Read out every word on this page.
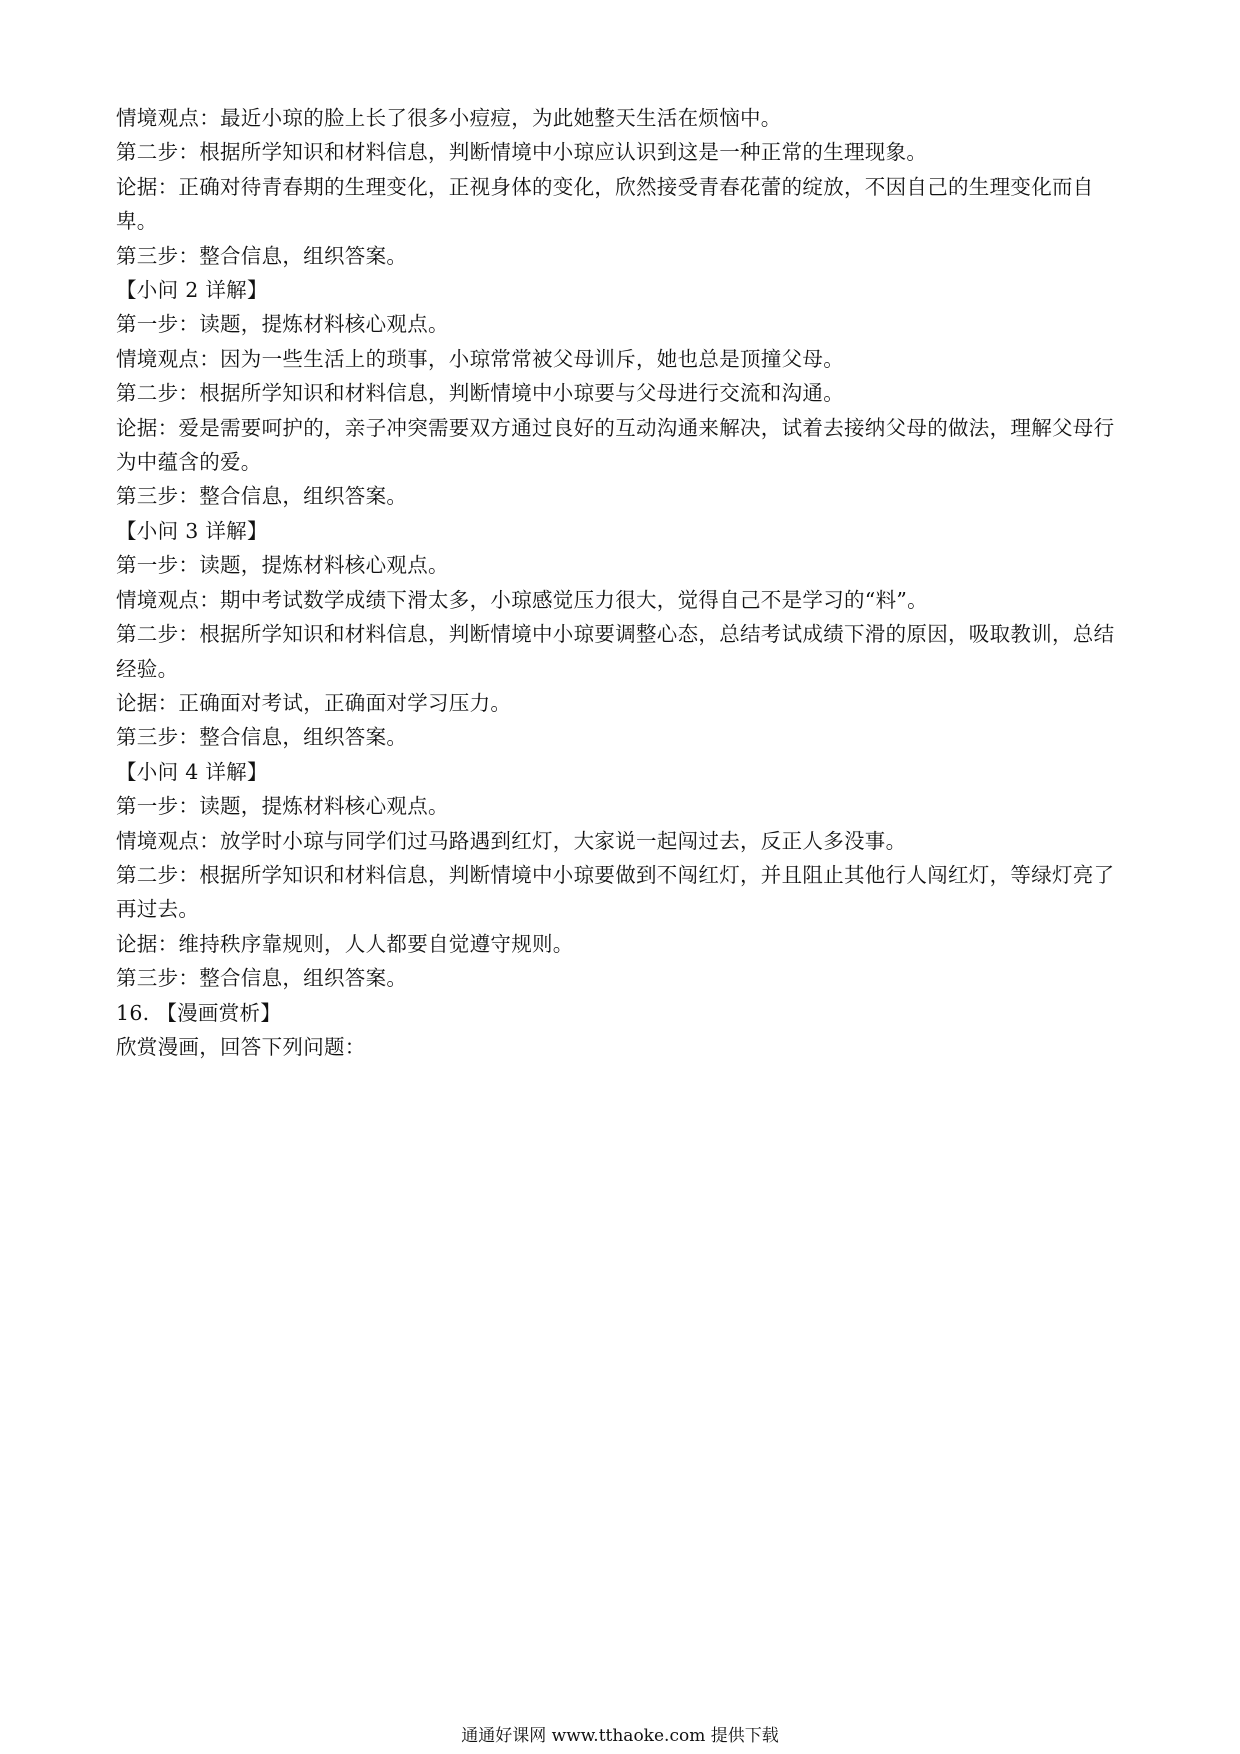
情境观点：最近小琼的脸上长了很多小痘痘，为此她整天生活在烦恼中。

第二步：根据所学知识和材料信息，判断情境中小琼应认识到这是一种正常的生理现象。

论据：正确对待青春期的生理变化，正视身体的变化，欣然接受青春花蕾的绽放，不因自己的生理变化而自卑。

第三步：整合信息，组织答案。

【小问 2 详解】

第一步：读题，提炼材料核心观点。

情境观点：因为一些生活上的琐事，小琼常常被父母训斥，她也总是顶撞父母。

第二步：根据所学知识和材料信息，判断情境中小琼要与父母进行交流和沟通。

论据：爱是需要呵护的，亲子冲突需要双方通过良好的互动沟通来解决，试着去接纳父母的做法，理解父母行为中蕴含的爱。

第三步：整合信息，组织答案。

【小问 3 详解】

第一步：读题，提炼材料核心观点。

情境观点：期中考试数学成绩下滑太多，小琼感觉压力很大，觉得自己不是学习的“料”。

第二步：根据所学知识和材料信息，判断情境中小琼要调整心态，总结考试成绩下滑的原因，吸取教训，总结经验。

论据：正确面对考试，正确面对学习压力。

第三步：整合信息，组织答案。

【小问 4 详解】

第一步：读题，提炼材料核心观点。

情境观点：放学时小琼与同学们过马路遇到红灯，大家说一起闯过去，反正人多没事。

第二步：根据所学知识和材料信息，判断情境中小琼要做到不闯红灯，并且阻止其他行人闯红灯，等绿灯亮了再过去。

论据：维持秩序靠规则，人人都要自觉遵守规则。

第三步：整合信息，组织答案。

16. 【漫画赏析】

欣赏漫画，回答下列问题：

通通好课网 www.tthaoke.com 提供下载
